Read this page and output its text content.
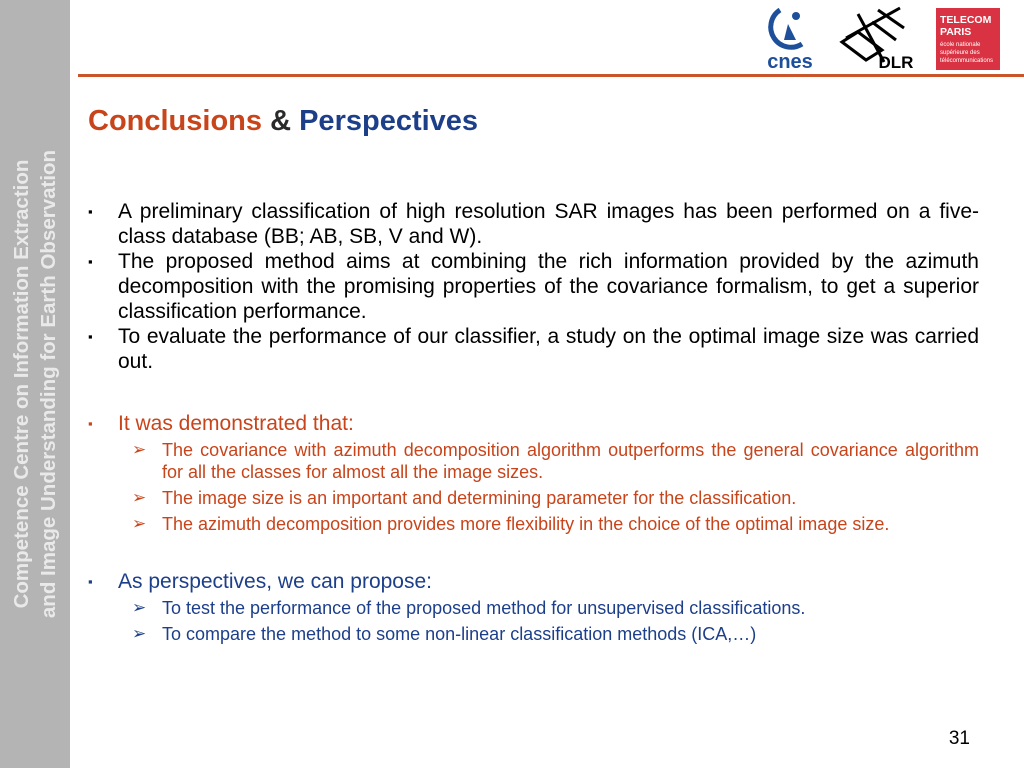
Competence Centre on Information Extraction and Image Understanding for Earth Observation
cnes	DLR
TELECOM
PARIS
école nationale
supérieure des
télécommunications
Conclusions & Perspectives
▪ A preliminary classification of high resolution SAR images has been performed on a five-class database (BB; AB, SB, V and W).
▪ The proposed method aims at combining the rich information provided by the azimuth decomposition with the promising properties of the covariance formalism, to get a superior classification performance.
▪ To evaluate the performance of our classifier, a study on the optimal image size was carried out.
▪ It was demonstrated that:
➢ The covariance with azimuth decomposition algorithm outperforms the general covariance algorithm for all the classes for almost all the image sizes.
➢ The image size is an important and determining parameter for the classification.
➢ The azimuth decomposition provides more flexibility in the choice of the optimal image size.
▪ As perspectives, we can propose:
➢ To test the performance of the proposed method for unsupervised classifications.
➢ To compare the method to some non-linear classification methods (ICA,…)
31
